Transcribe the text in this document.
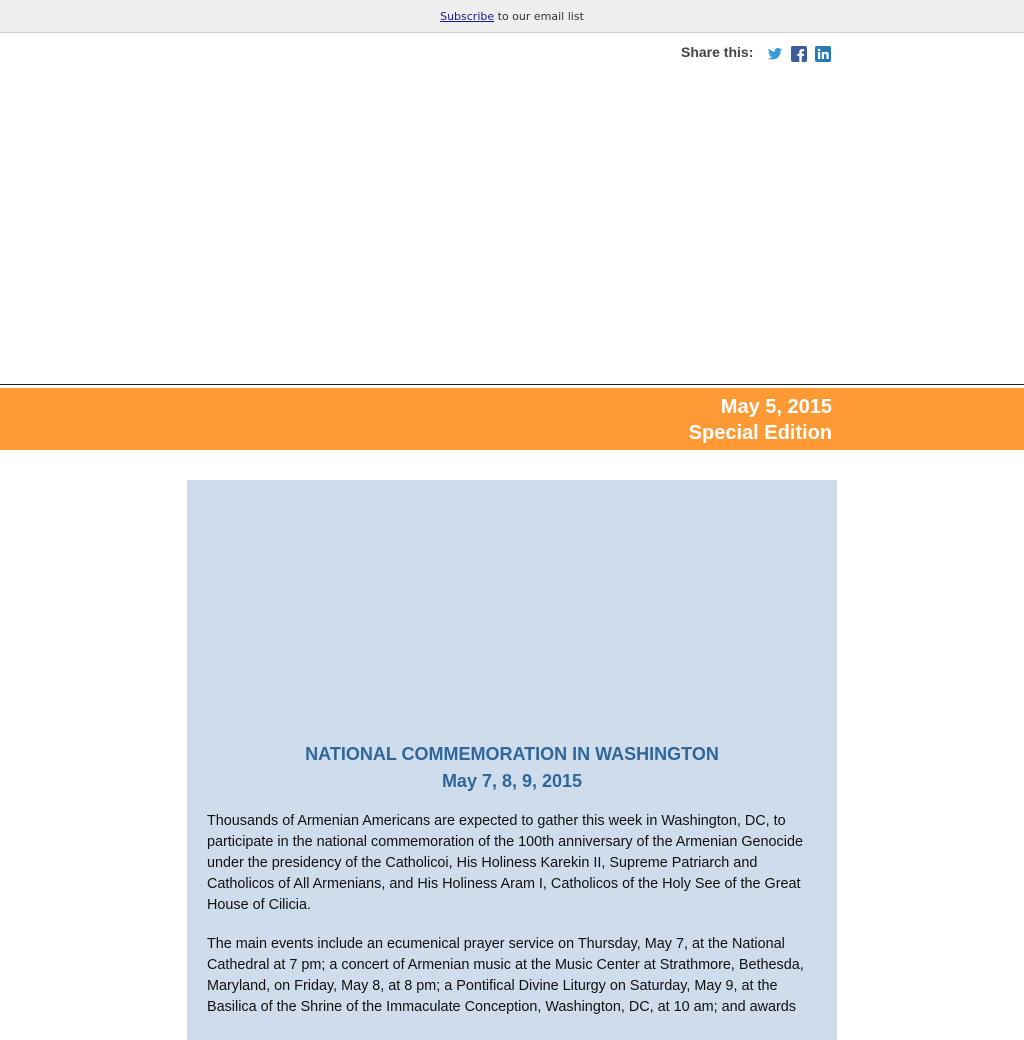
Subscribe to our email list
Share this:
May 5, 2015
Special Edition
NATIONAL COMMEMORATION IN WASHINGTON
May 7, 8, 9, 2015

Thousands of Armenian Americans are expected to gather this week in Washington, DC, to participate in the national commemoration of the 100th anniversary of the Armenian Genocide under the presidency of the Catholicoi, His Holiness Karekin II, Supreme Patriarch and Catholicos of All Armenians, and His Holiness Aram I, Catholicos of the Holy See of the Great House of Cilicia.

The main events include an ecumenical prayer service on Thursday, May 7, at the National Cathedral at 7 pm; a concert of Armenian music at the Music Center at Strathmore, Bethesda, Maryland, on Friday, May 8, at 8 pm; a Pontifical Divine Liturgy on Saturday, May 9, at the Basilica of the Shrine of the Immaculate Conception, Washington, DC, at 10 am; and awards
